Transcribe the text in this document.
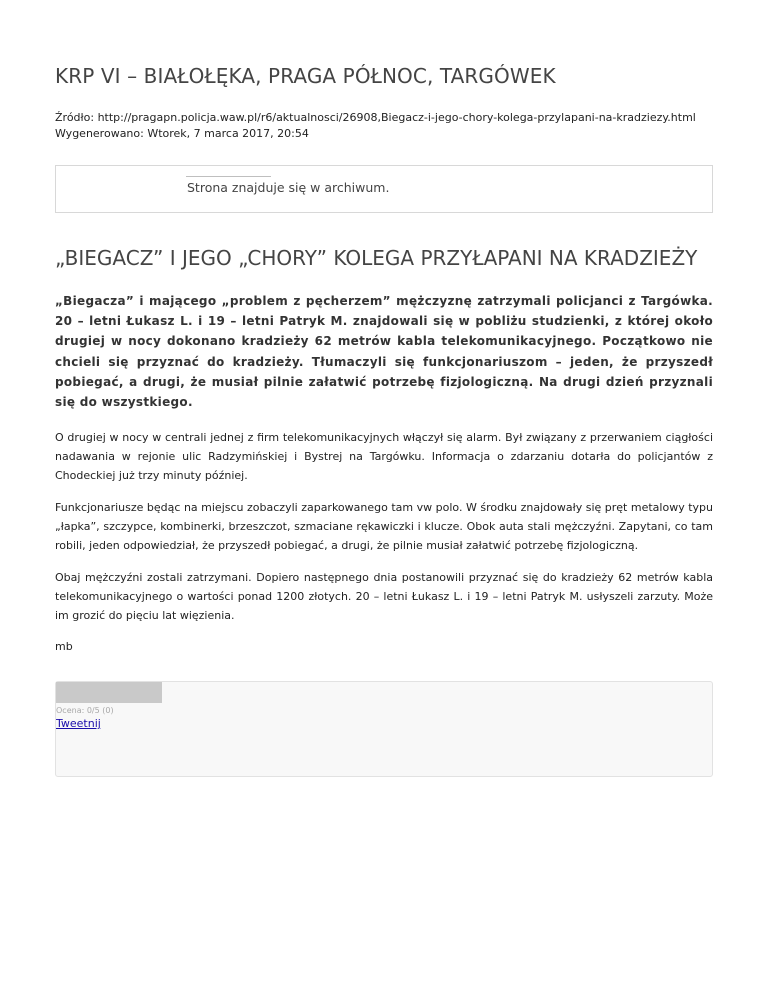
KRP VI – BIAŁOŁĘKA, PRAGA PÓŁNOC, TARGÓWEK
Źródło: http://pragapn.policja.waw.pl/r6/aktualnosci/26908,Biegacz-i-jego-chory-kolega-przylapani-na-kradziezy.html
Wygenerowano: Wtorek, 7 marca 2017, 20:54
Strona znajduje się w archiwum.
„BIEGACZ” I JEGO „CHORY” KOLEGA PRZYŁAPANI NA KRADZIEŻY
„Biegacza” i mającego „problem z pęcherzem” mężczyznę zatrzymali policjanci z Targówka. 20 – letni Łukasz L. i 19 – letni Patryk M. znajdowali się w pobliżu studzienki, z której około drugiej w nocy dokonano kradzieży 62 metrów kabla telekomunikacyjnego. Początkowo nie chcieli się przyznać do kradzieży. Tłumaczyli się funkcjonariuszom – jeden, że przyszedł pobiegać, a drugi, że musiał pilnie załatwić potrzebę fizjologiczną. Na drugi dzień przyznali się do wszystkiego.
O drugiej w nocy w centrali jednej z firm telekomunikacyjnych włączył się alarm. Był związany z przerwaniem ciągłości nadawania w rejonie ulic Radzymińskiej i Bystrej na Targówku. Informacja o zdarzaniu dotarła do policjantów z Chodeckiej już trzy minuty później.
Funkcjonariusze będąc na miejscu zobaczyli zaparkowanego tam vw polo. W środku znajdowały się pręt metalowy typu „łapka”, szczypce, kombinerki, brzeszczot, szmaciane rękawiczki i klucze. Obok auta stali mężczyźni. Zapytani, co tam robili, jeden odpowiedział, że przyszedł pobiegać, a drugi, że pilnie musiał załatwić potrzebę fizjologiczną.
Obaj mężczyźni zostali zatrzymani. Dopiero następnego dnia postanowili przyznać się do kradzieży 62 metrów kabla telekomunikacyjnego o wartości ponad 1200 złotych. 20 – letni Łukasz L. i 19 – letni Patryk M. usłyszeli zarzuty. Może im grozić do pięciu lat więzienia.
mb
Ocena: 0/5 (0)
Tweetnij
